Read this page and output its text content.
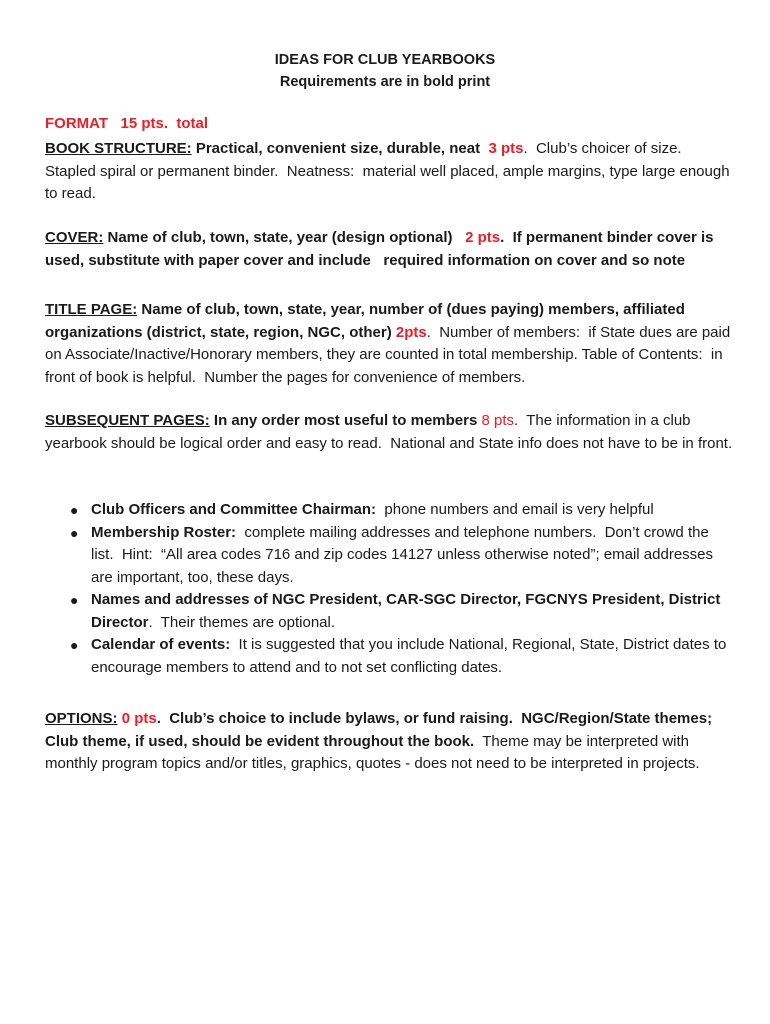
IDEAS FOR CLUB YEARBOOKS
Requirements are in bold print
FORMAT   15 pts.  total
BOOK STRUCTURE: Practical, convenient size, durable, neat  3 pts.  Club’s choicer of size. Stapled spiral or permanent binder.  Neatness:  material well placed, ample margins, type large enough to read.
COVER: Name of club, town, state, year (design optional)   2 pts.  If permanent binder cover is used, substitute with paper cover and include   required information on cover and so note
TITLE PAGE: Name of club, town, state, year, number of (dues paying) members, affiliated organizations (district, state, region, NGC, other) 2pts.  Number of members:  if State dues are paid on Associate/Inactive/Honorary members, they are counted in total membership. Table of Contents:  in front of book is helpful.  Number the pages for convenience of members.
SUBSEQUENT PAGES: In any order most useful to members 8 pts.  The information in a club yearbook should be logical order and easy to read.  National and State info does not have to be in front.
● Club Officers and Committee Chairman:  phone numbers and email is very helpful
● Membership Roster:  complete mailing addresses and telephone numbers.  Don’t crowd the list.  Hint:  “All area codes 716 and zip codes 14127 unless otherwise noted”; email addresses are important, too, these days.
● Names and addresses of NGC President, CAR-SGC Director, FGCNYS President, District Director.  Their themes are optional.
● Calendar of events:  It is suggested that you include National, Regional, State, District dates to encourage members to attend and to not set conflicting dates.
OPTIONS: 0 pts.  Club’s choice to include bylaws, or fund raising.  NGC/Region/State themes; Club theme, if used, should be evident throughout the book.  Theme may be interpreted with monthly program topics and/or titles, graphics, quotes - does not need to be interpreted in projects.
